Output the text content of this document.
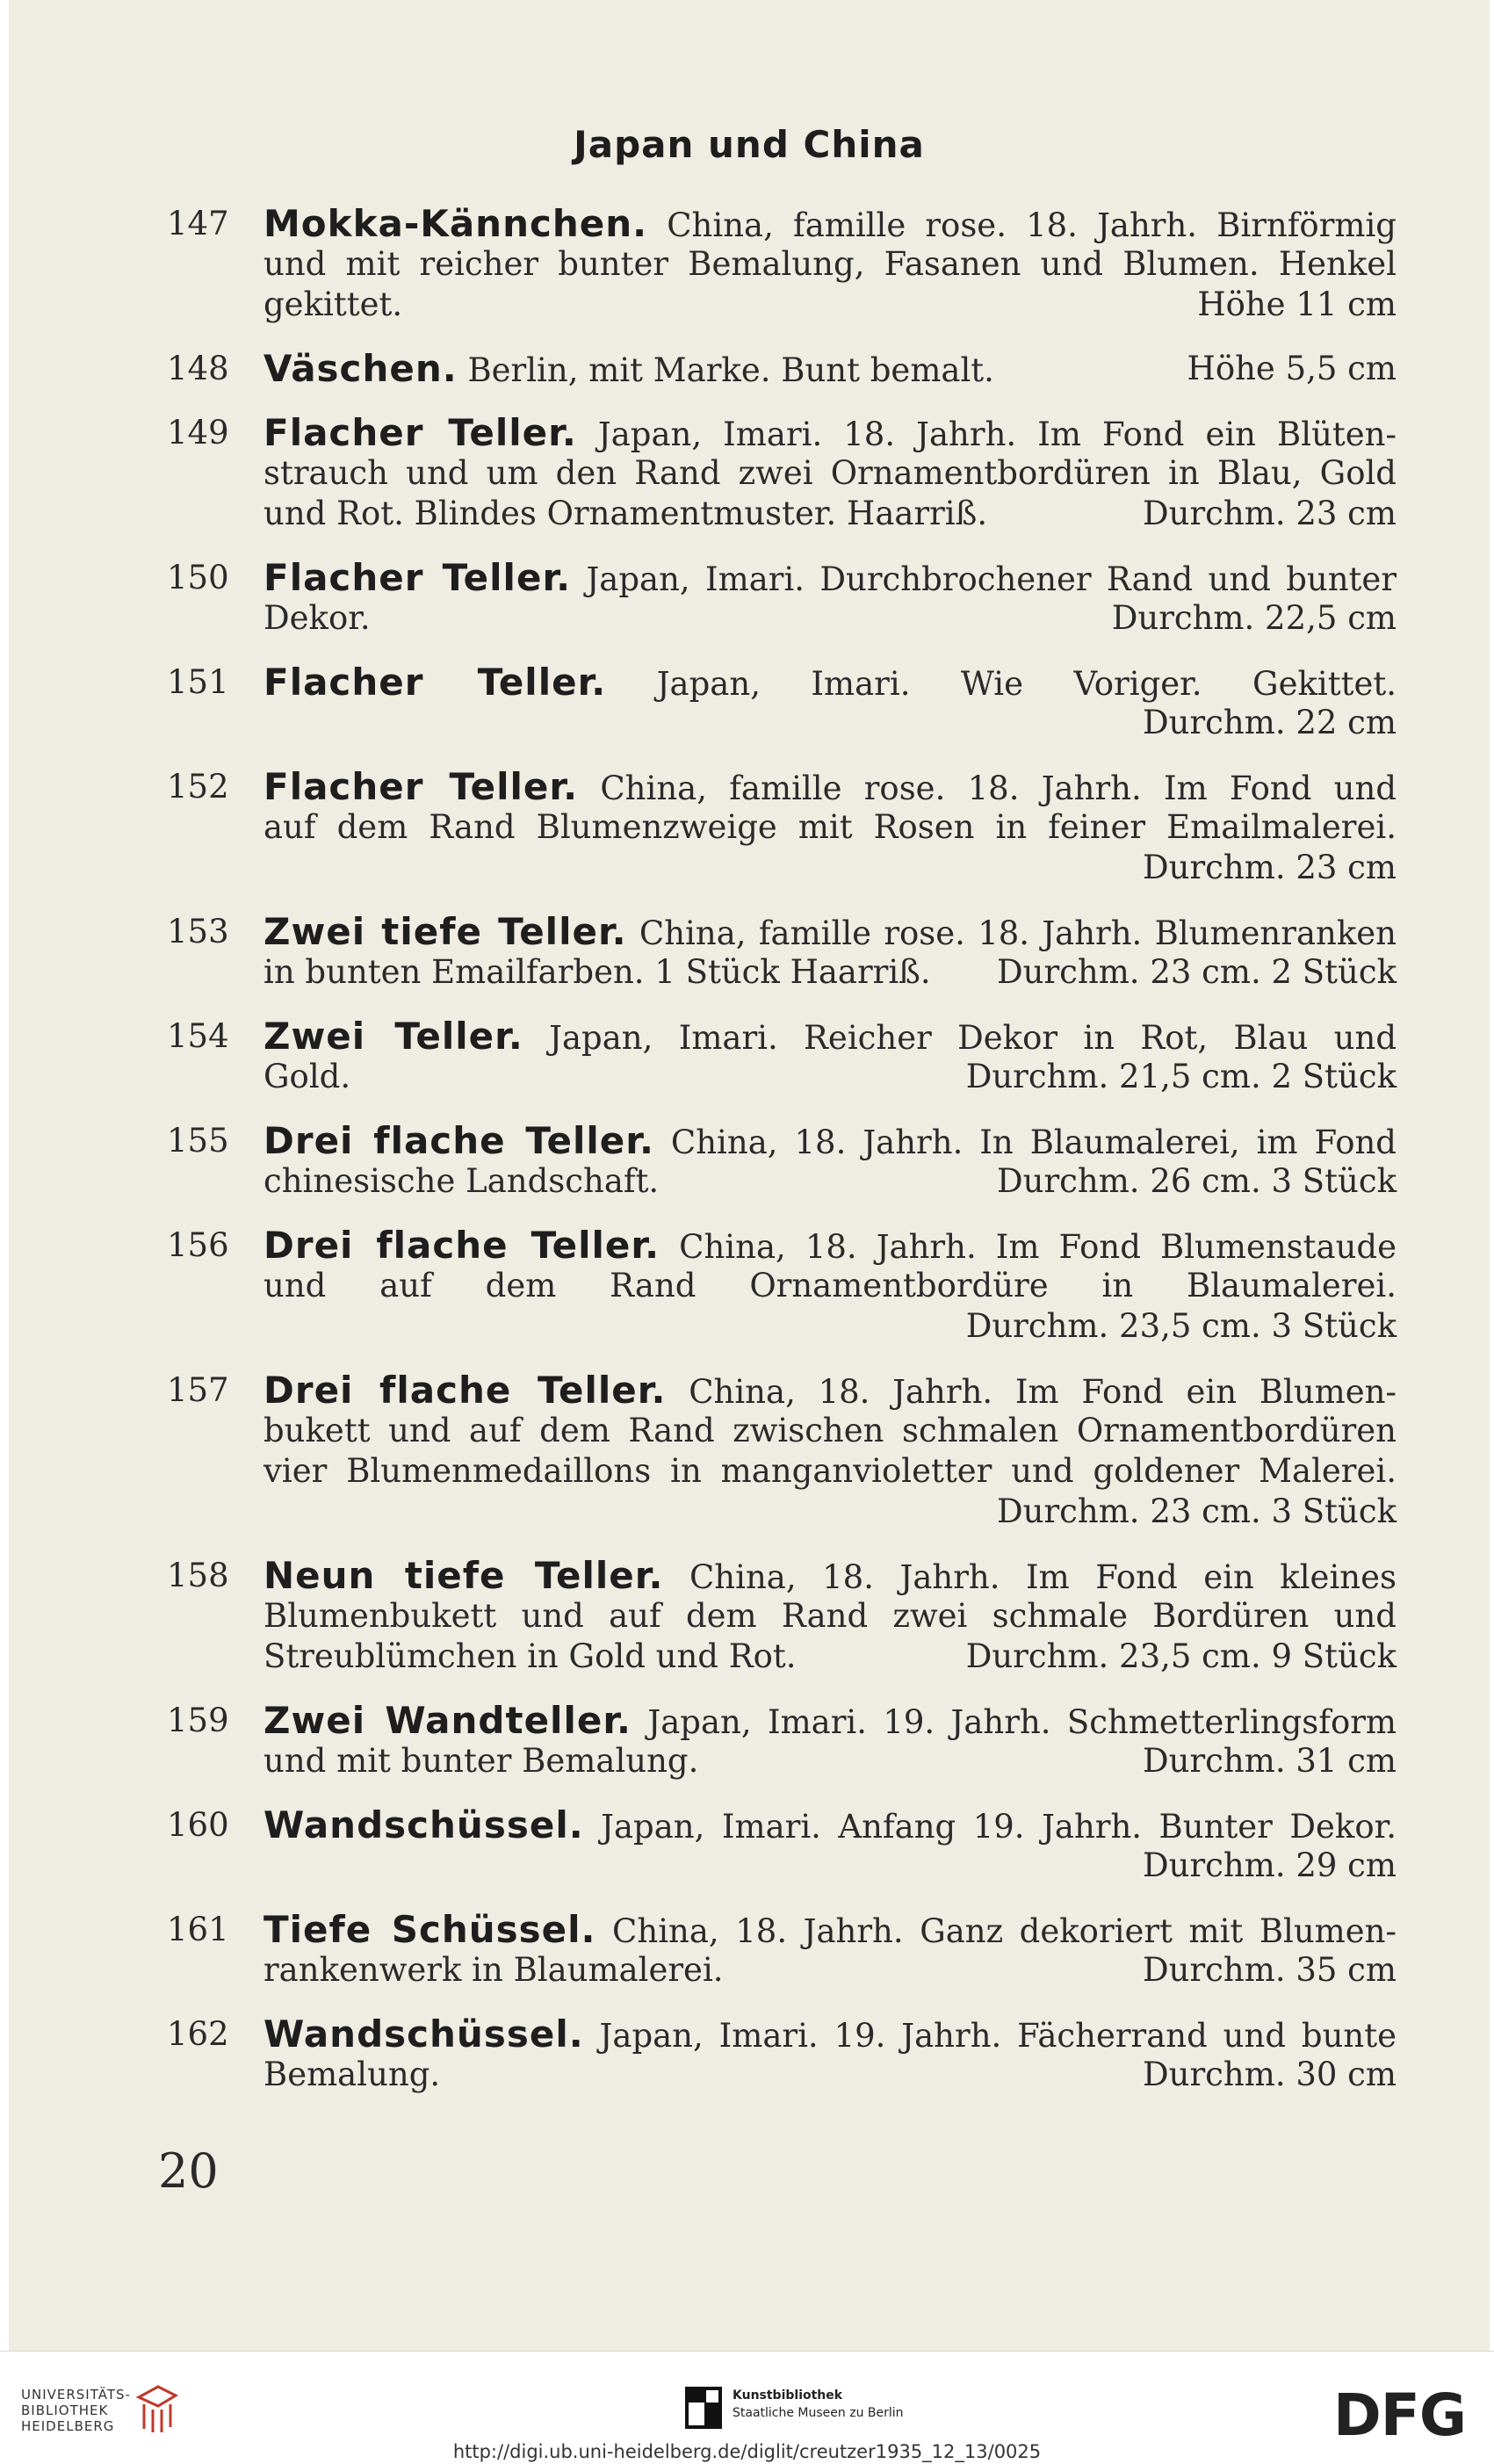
Japan und China
147 Mokka-Kännchen. China, famille rose. 18. Jahrh. Birnförmig
und mit reicher bunter Bemalung, Fasanen und Blumen. Henkel
gekittet.	Höhe 11 cm
148 Väschen. Berlin, mit Marke. Bunt bemalt.	Höhe 5,5 cm
149 Flacher Teller. Japan, Imari. 18. Jahrh. Im Fond ein Blüten-
strauch und um den Rand zwei Ornamentbordüren in Blau, Gold
und Rot. Blindes Ornamentmuster. Haarriß.	Durchm. 23 cm
150 Flacher Teller. Japan, Imari. Durchbrochener Rand und bunter
Dekor.	Durchm. 22,5 cm
151 Flacher Teller. Japan, Imari. Wie Voriger. Gekittet.
Durchm. 22 cm
152 Flacher Teller. China, famille rose. 18. Jahrh. Im Fond und
auf dem Rand Blumenzweige mit Rosen in feiner Emailmalerei.
Durchm. 23 cm
153 Zwei tiefe Teller. China, famille rose. 18. Jahrh. Blumenranken
in bunten Emailfarben. 1 Stück Haarriß. Durchm. 23 cm. 2 Stück
154 Zwei Teller. Japan, Imari. Reicher Dekor in Rot, Blau und
Gold.	Durchm. 21,5 cm. 2 Stück
155 Drei flache Teller. China, 18. Jahrh. In Blaumalerei, im Fond
chinesische Landschaft.	Durchm. 26 cm. 3 Stück
156 Drei flache Teller. China, 18. Jahrh. Im Fond Blumenstaude
und auf dem Rand Ornamentbordüre in Blaumalerei.
Durchm. 23,5 cm. 3 Stück
157 Drei flache Teller. China, 18. Jahrh. Im Fond ein Blumen-
bukett und auf dem Rand zwischen schmalen Ornamentbordüren
vier Blumenmedaillons in manganvioletter und goldener Malerei.
Durchm. 23 cm. 3 Stück
158 Neun tiefe Teller. China, 18. Jahrh. Im Fond ein kleines
Blumenbukett und auf dem Rand zwei schmale Bordüren und
Streublümchen in Gold und Rot.	Durchm. 23,5 cm. 9 Stück
159 Zwei Wandteller. Japan, Imari. 19. Jahrh. Schmetterlingsform
und mit bunter Bemalung.	Durchm. 31 cm
160 Wandschüssel. Japan, Imari. Anfang 19. Jahrh. Bunter Dekor.
Durchm. 29 cm
161 Tiefe Schüssel. China, 18. Jahrh. Ganz dekoriert mit Blumen-
rankenwerk in Blaumalerei.	Durchm. 35 cm
162 Wandschüssel. Japan, Imari. 19. Jahrh. Fächerrand und bunte
Bemalung.	Durchm. 30 cm
20
UNIVERSITÄTS-
BIBLIOTHEK
HEIDELBERG
Kunstbibliothek
Staatliche Museen zu Berlin	DFG
http://digi.ub.uni-heidelberg.de/diglit/creutzer1935_12_13/0025
